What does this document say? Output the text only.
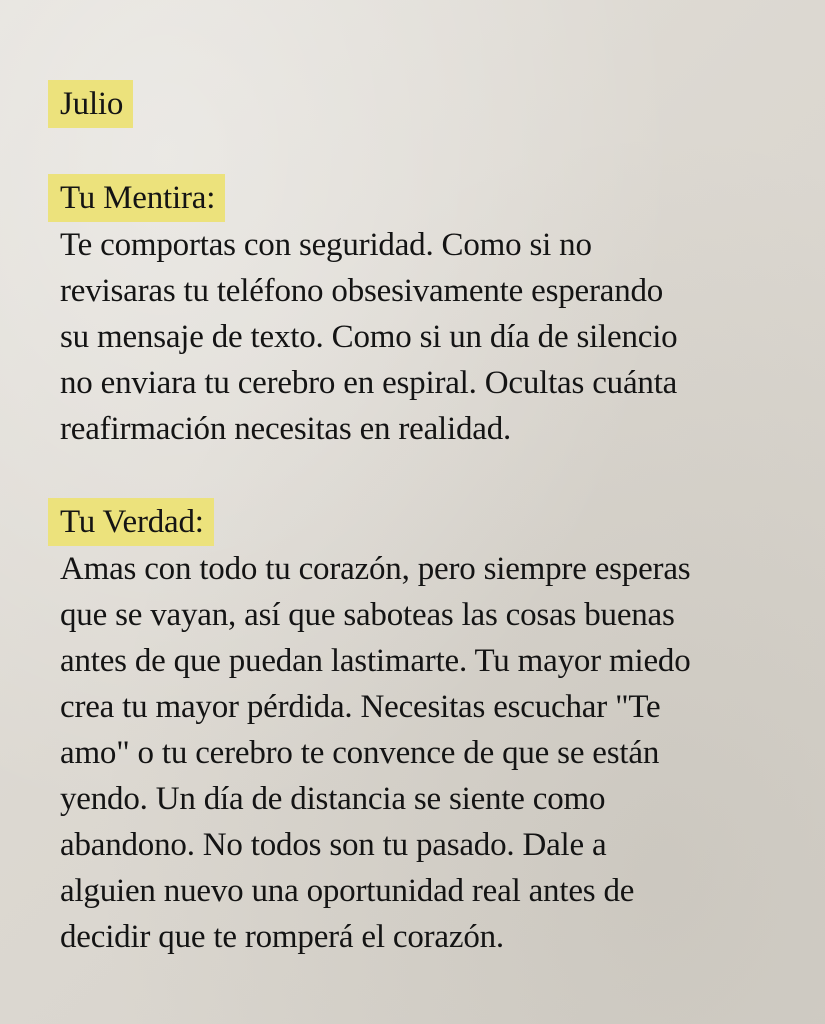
Julio
Tu Mentira:
Te comportas con seguridad. Como si no
revisaras tu teléfono obsesivamente esperando
su mensaje de texto. Como si un día de silencio
no enviara tu cerebro en espiral. Ocultas cuánta
reafirmación necesitas en realidad.
Tu Verdad:
Amas con todo tu corazón, pero siempre esperas
que se vayan, así que saboteas las cosas buenas
antes de que puedan lastimarte. Tu mayor miedo
crea tu mayor pérdida. Necesitas escuchar "Te
amo" o tu cerebro te convence de que se están
yendo. Un día de distancia se siente como
abandono. No todos son tu pasado. Dale a
alguien nuevo una oportunidad real antes de
decidir que te romperá el corazón.
